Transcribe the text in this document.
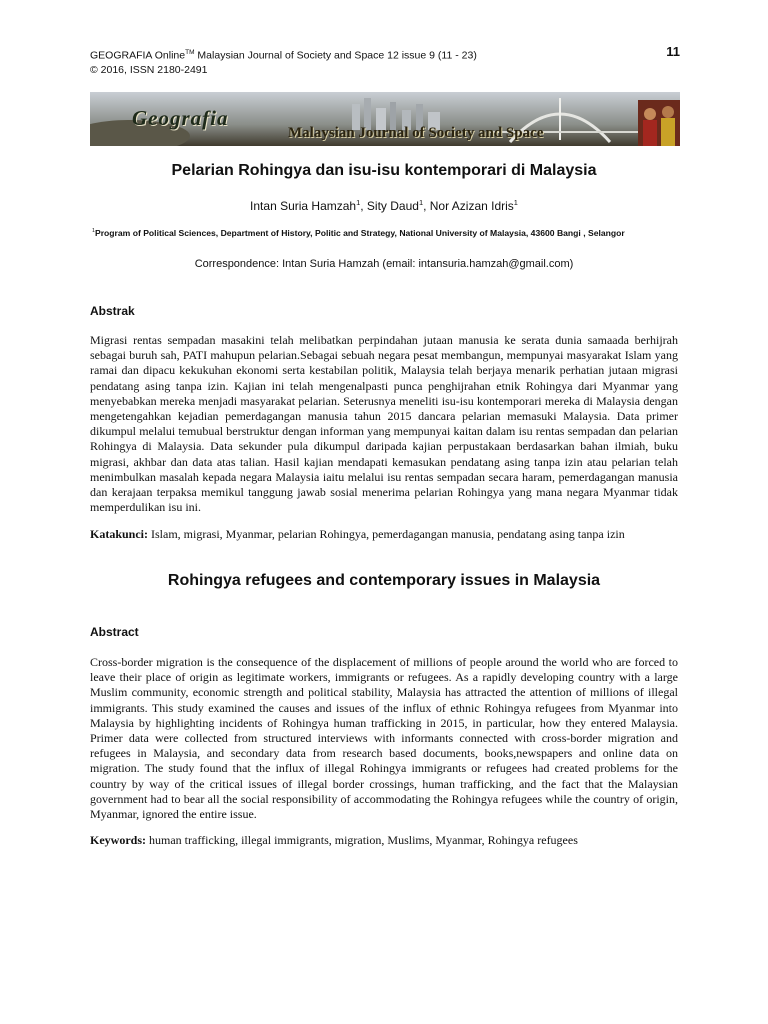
GEOGRAFIA Online™ Malaysian Journal of Society and Space 12 issue 9 (11 - 23)
© 2016, ISSN 2180-2491
11
Geografia
Malaysian Journal of Society and Space
Pelarian Rohingya dan isu-isu kontemporari di Malaysia
Intan Suria Hamzah$^1$, Sity Daud$^1$, Nor Azizan Idris$^1$
$^1$Program of Political Sciences, Department of History, Politic and Strategy, National University of Malaysia, 43600 Bangi , Selangor
Correspondence: Intan Suria Hamzah (email: intansuria.hamzah@gmail.com)
Abstrak

Migrasi rentas sempadan masakini telah melibatkan perpindahan jutaan manusia ke serata dunia samaada berhijrah sebagai buruh sah, PATI mahupun pelarian.Sebagai sebuah negara pesat membangun, mempunyai masyarakat Islam yang ramai dan dipacu kekukuhan ekonomi serta kestabilan politik, Malaysia telah berjaya menarik perhatian jutaan migrasi pendatang asing tanpa izin. Kajian ini telah mengenalpasti punca penghijrahan etnik Rohingya dari Myanmar yang menyebabkan mereka menjadi masyarakat pelarian. Seterusnya meneliti isu-isu kontemporari mereka di Malaysia dengan mengetengahkan kejadian pemerdagangan manusia tahun 2015 dancara pelarian memasuki Malaysia. Data primer dikumpul melalui temubual berstruktur dengan informan yang mempunyai kaitan dalam isu rentas sempadan dan pelarian Rohingya di Malaysia. Data sekunder pula dikumpul daripada kajian perpustakaan berdasarkan bahan ilmiah, buku migrasi, akhbar dan data atas talian. Hasil kajian mendapati kemasukan pendatang asing tanpa izin atau pelarian telah menimbulkan masalah kepada negara Malaysia iaitu melalui isu rentas sempadan secara haram, pemerdagangan manusia dan kerajaan terpaksa memikul tanggung jawab sosial menerima pelarian Rohingya yang mana negara Myanmar tidak memperdulikan isu ini.

Katakunci: Islam, migrasi, Myanmar, pelarian Rohingya, pemerdagangan manusia, pendatang asing tanpa izin
Rohingya refugees and contemporary issues in Malaysia
Abstract

Cross-border migration is the consequence of the displacement of millions of people around the world who are forced to leave their place of origin as legitimate workers, immigrants or refugees. As a rapidly developing country with a large Muslim community, economic strength and political stability, Malaysia has attracted the attention of millions of illegal immigrants. This study examined the causes and issues of the influx of ethnic Rohingya refugees from Myanmar into Malaysia by highlighting incidents of Rohingya human trafficking in 2015, in particular, how they entered Malaysia. Primer data were collected from structured interviews with informants connected with cross-border migration and refugees in Malaysia, and secondary data from research based documents, books,newspapers and online data on migration. The study found that the influx of illegal Rohingya immigrants or refugees had created problems for the country by way of the critical issues of illegal border crossings, human trafficking, and the fact that the Malaysian government had to bear all the social responsibility of accommodating the Rohingya refugees while the country of origin, Myanmar, ignored the entire issue.

Keywords: human trafficking, illegal immigrants, migration, Muslims, Myanmar, Rohingya refugees
